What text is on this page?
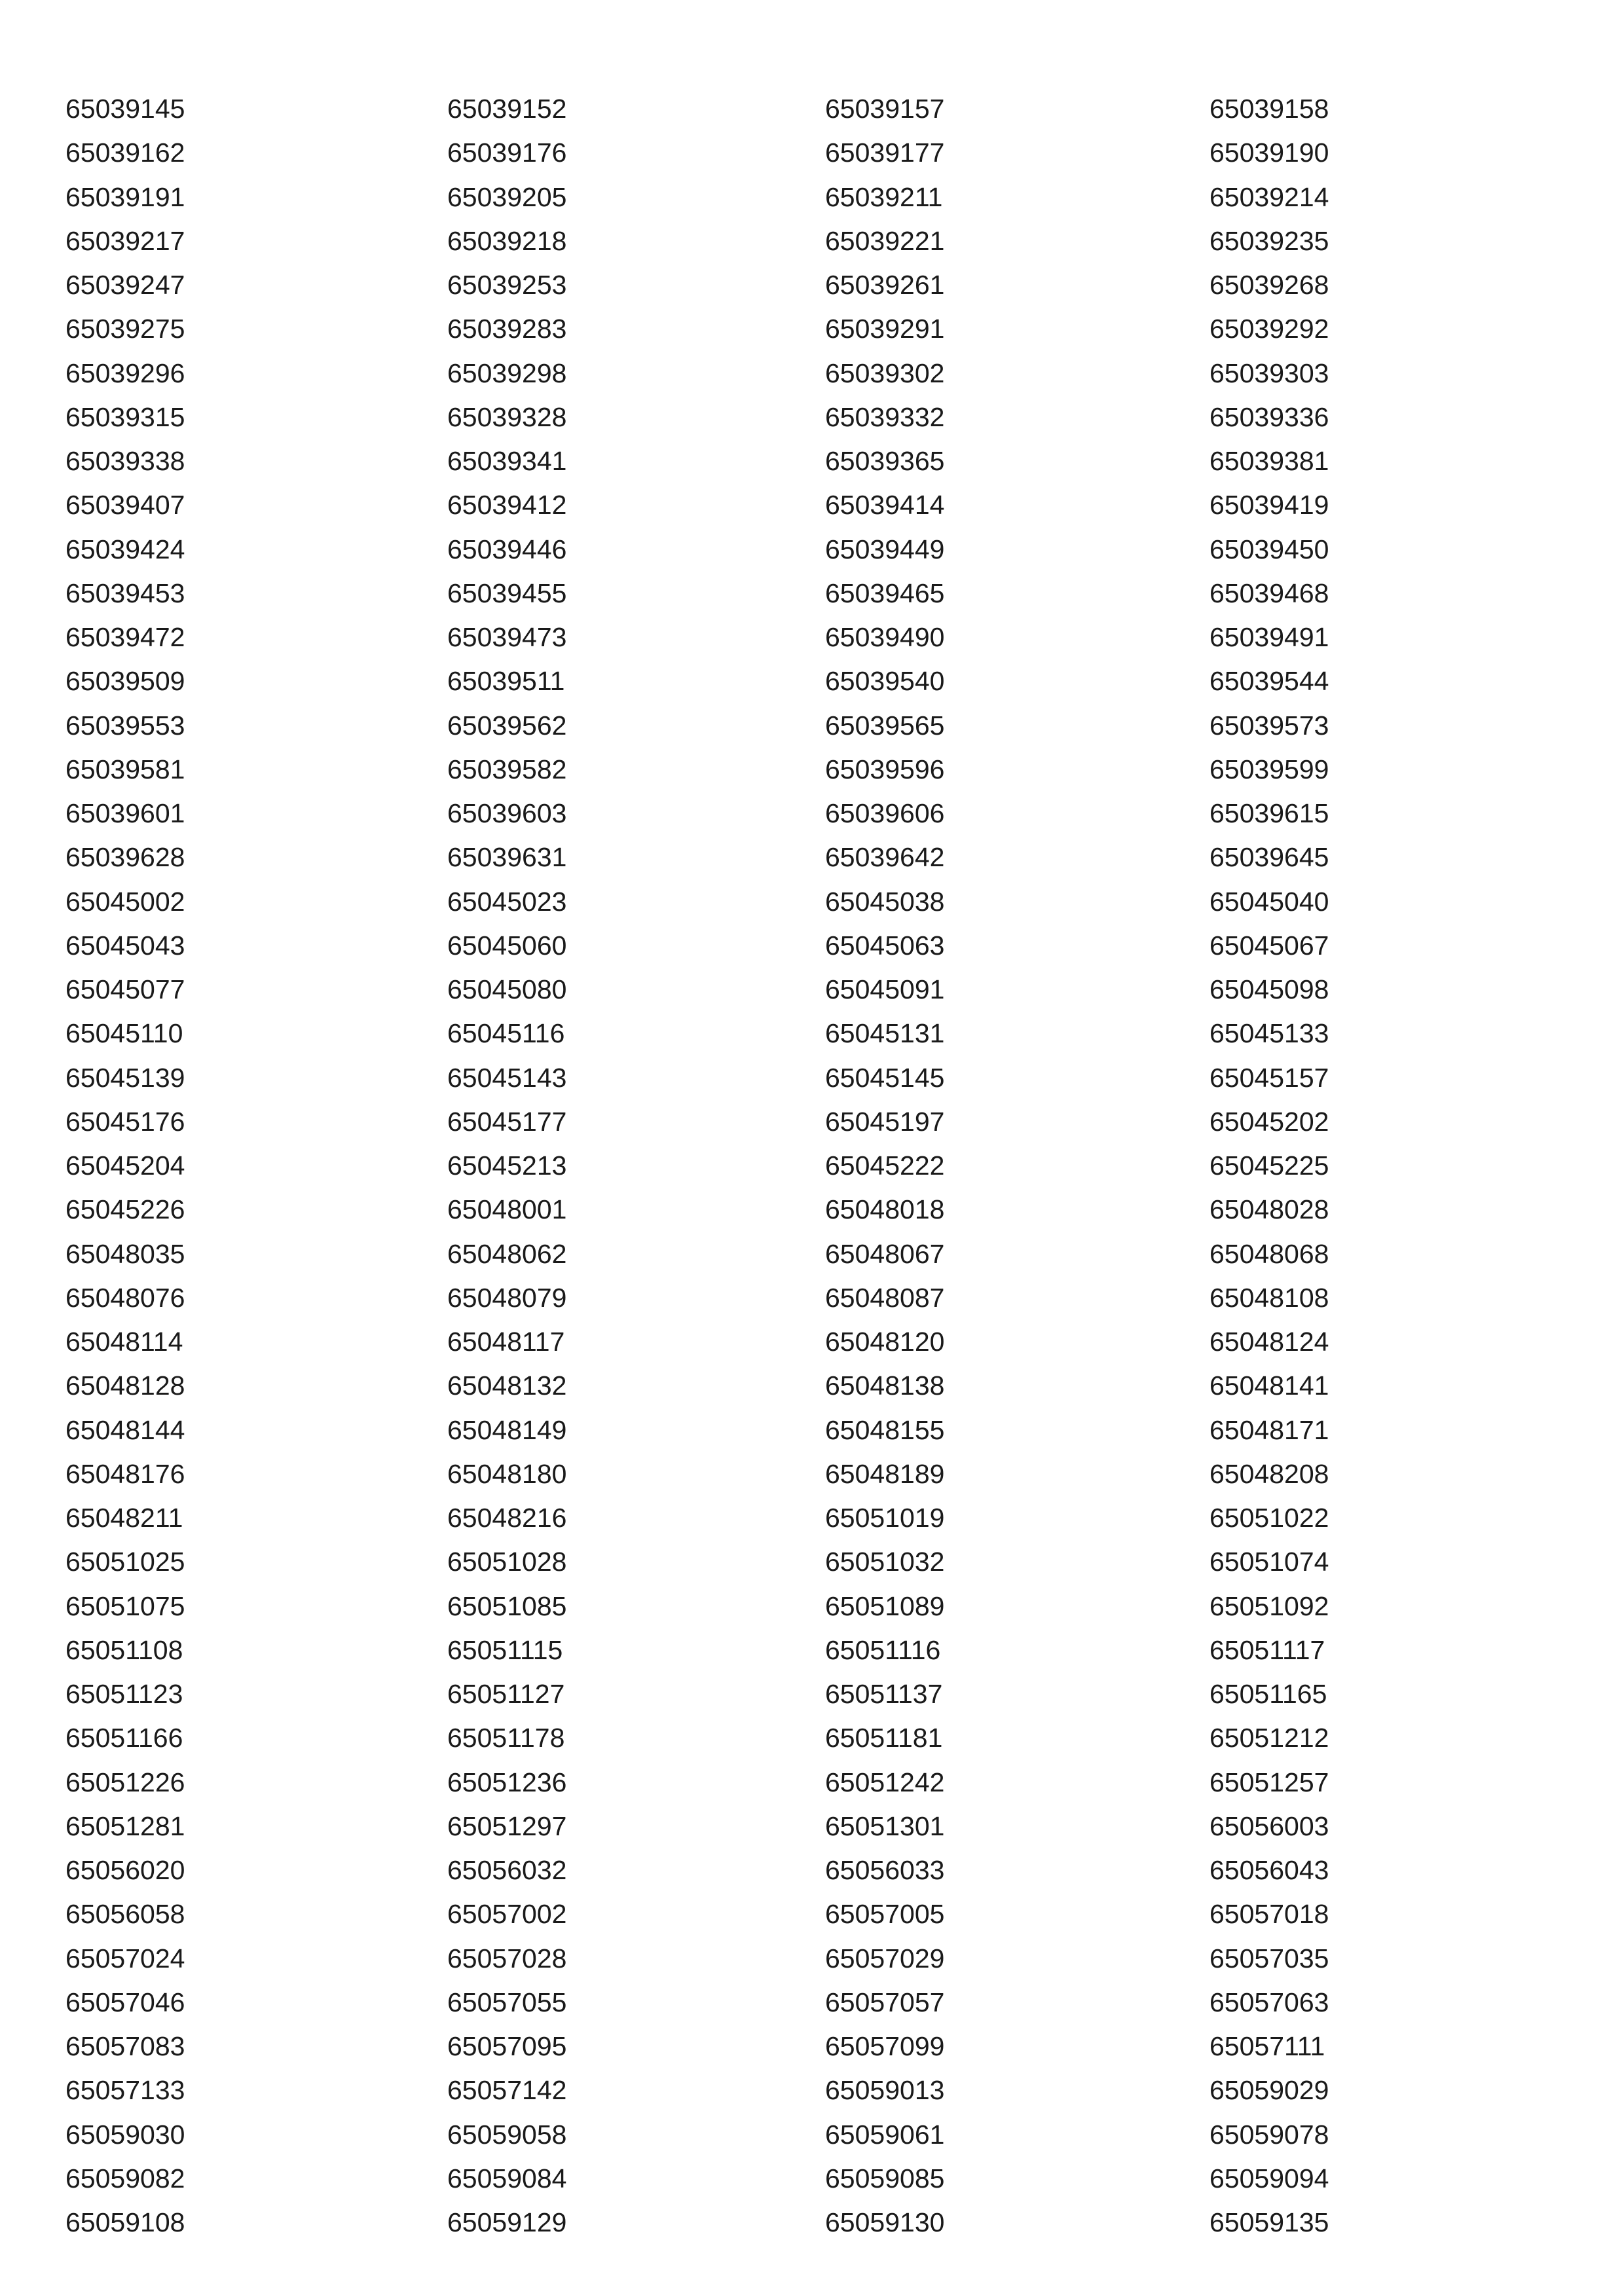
65039145	65039152	65039157	65039158
65039162	65039176	65039177	65039190
65039191	65039205	65039211	65039214
65039217	65039218	65039221	65039235
65039247	65039253	65039261	65039268
65039275	65039283	65039291	65039292
65039296	65039298	65039302	65039303
65039315	65039328	65039332	65039336
65039338	65039341	65039365	65039381
65039407	65039412	65039414	65039419
65039424	65039446	65039449	65039450
65039453	65039455	65039465	65039468
65039472	65039473	65039490	65039491
65039509	65039511	65039540	65039544
65039553	65039562	65039565	65039573
65039581	65039582	65039596	65039599
65039601	65039603	65039606	65039615
65039628	65039631	65039642	65039645
65045002	65045023	65045038	65045040
65045043	65045060	65045063	65045067
65045077	65045080	65045091	65045098
65045110	65045116	65045131	65045133
65045139	65045143	65045145	65045157
65045176	65045177	65045197	65045202
65045204	65045213	65045222	65045225
65045226	65048001	65048018	65048028
65048035	65048062	65048067	65048068
65048076	65048079	65048087	65048108
65048114	65048117	65048120	65048124
65048128	65048132	65048138	65048141
65048144	65048149	65048155	65048171
65048176	65048180	65048189	65048208
65048211	65048216	65051019	65051022
65051025	65051028	65051032	65051074
65051075	65051085	65051089	65051092
65051108	65051115	65051116	65051117
65051123	65051127	65051137	65051165
65051166	65051178	65051181	65051212
65051226	65051236	65051242	65051257
65051281	65051297	65051301	65056003
65056020	65056032	65056033	65056043
65056058	65057002	65057005	65057018
65057024	65057028	65057029	65057035
65057046	65057055	65057057	65057063
65057083	65057095	65057099	65057111
65057133	65057142	65059013	65059029
65059030	65059058	65059061	65059078
65059082	65059084	65059085	65059094
65059108	65059129	65059130	65059135
